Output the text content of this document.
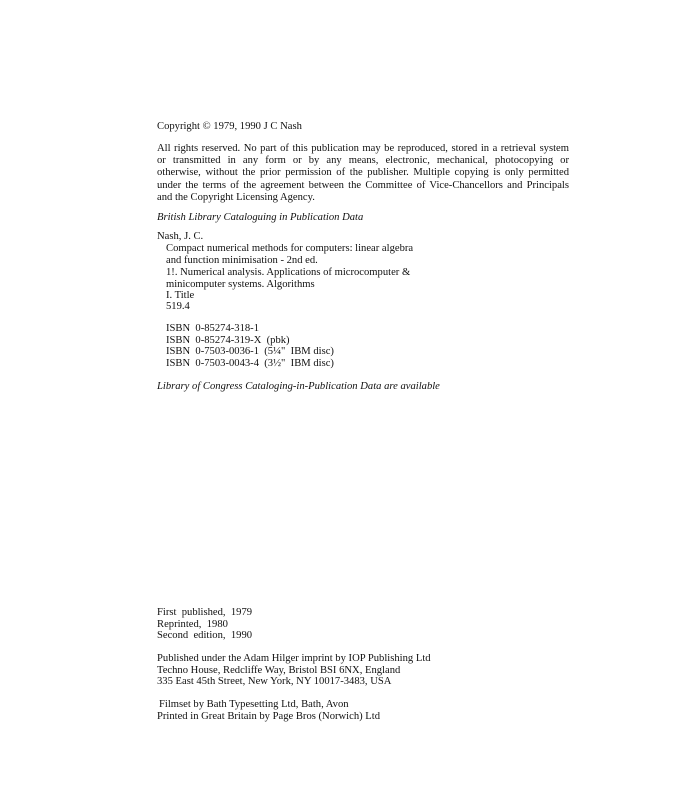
Copyright © 1979, 1990 J C Nash
All rights reserved. No part of this publication may be reproduced, stored in a retrieval system
or transmitted in any form or by any means, electronic, mechanical, photocopying or
otherwise, without the prior permission of the publisher. Multiple copying is only permitted
under the terms of the agreement between the Committee of Vice-Chancellors and Principals
and the Copyright Licensing Agency.
British Library Cataloguing in Publication Data
Nash, J. C.
Compact numerical methods for computers: linear algebra
and function minimisation - 2nd ed.
1!. Numerical analysis. Applications of microcomputer &
minicomputer systems. Algorithms
I. Title
519.4
ISBN  0-85274-318-1
ISBN  0-85274-319-X  (pbk)
ISBN  0-7503-0036-1  (5¼"  IBM disc)
ISBN  0-7503-0043-4  (3½"  IBM disc)
Library of Congress Cataloging-in-Publication Data are available
First  published,  1979
Reprinted,  1980
Second  edition,  1990
Published under the Adam Hilger imprint by IOP Publishing Ltd
Techno House, Redcliffe Way, Bristol BSI 6NX, England
335 East 45th Street, New York, NY 10017-3483, USA
Filmset by Bath Typesetting Ltd, Bath, Avon
Printed in Great Britain by Page Bros (Norwich) Ltd
